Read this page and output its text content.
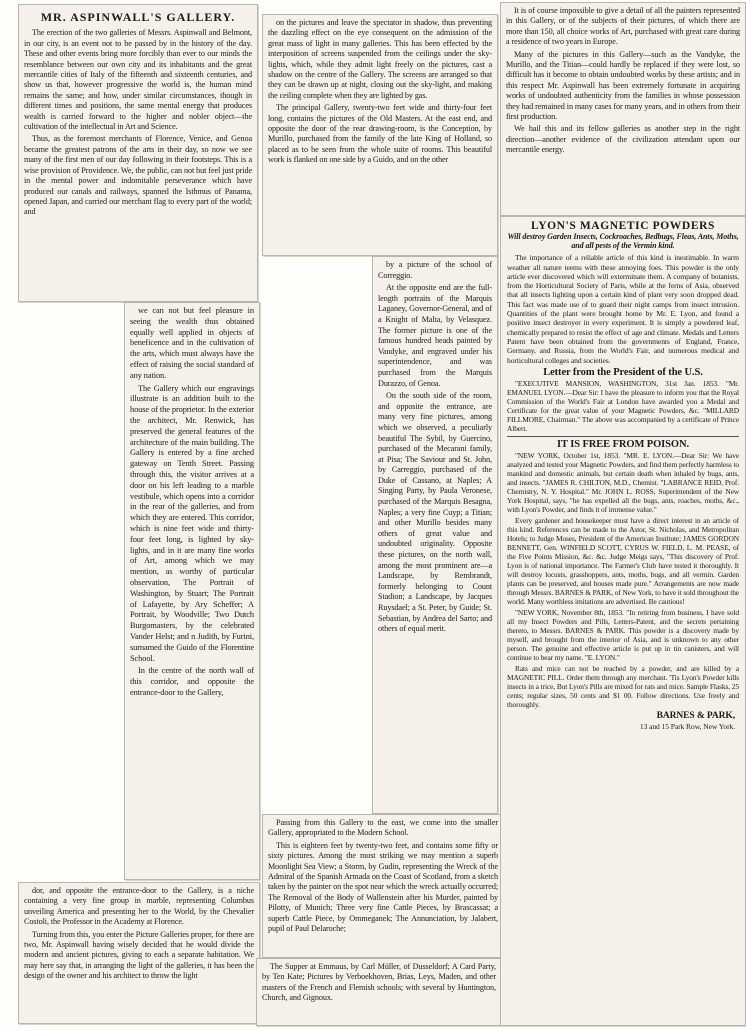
MR. ASPINWALL'S GALLERY.

The erection of the two galleries of Messrs. Aspinwall and Belmont, in our city, is an event not to be passed by in the history of the day. These and other events bring more forcibly than ever to our minds the resemblance between our own city and its inhabitants and the great mercantile cities of Italy of the fifteenth and sixteenth centuries, and show us that, however progressive the world is, the human mind remains the same; and how, under similar circumstances, though in different times and positions, the same mental energy that produces wealth is carried forward to the higher and nobler object—the cultivation of the intellectual in Art and Science.

Thus, as the foremost merchants of Florence, Venice, and Genoa became the greatest patrons of the arts in their day, so now we see many of the first men of our day following in their footsteps. This is a wise provision of Providence. We, the public, can not but feel just pride in the mental power and indomitable perseverance which have produced our canals and railways, spanned the Isthmus of Panama, opened Japan, and carried our merchant flag to every part of the world; and

we can not but feel pleasure in seeing the wealth thus obtained equally well applied in objects of beneficence and in the cultivation of the arts, which must always have the effect of raising the social standard of any nation.

The Gallery which our engravings illustrate is an addition built to the house of the proprietor. In the exterior the architect, Mr. Renwick, has preserved the general features of the architecture of the main building. The Gallery is entered by a fine arched gateway on Tenth Street. Passing through this, the visitor arrives at a door on his left leading to a marble vestibule, which opens into a corridor in the rear of the galleries, and from which they are entered. This corridor, which is nine feet wide and thirty-four feet long, is lighted by sky-lights, and in it are many fine works of Art, among which we may mention, as worthy of particular observation, The Portrait of Washington, by Stuart; The Portrait of Lafayette, by Ary Scheffer; A Portrait, by Woodville; Two Dutch Burgomasters, by the celebrated Vander Helst; and n Judith, by Furini, surnamed the Guido of the Florentine School.

In the centre of the north wall of this corridor, and opposite the entrance-door to the Gallery,

dor, and opposite the entrance-door to the Gallery, is a niche containing a very fine group in marble, representing Columbus unveiling America and presenting her to the World, by the Chevalier Costoli, the Professor in the Academy at Florence.

Turning from this, you enter the Picture Galleries proper, for there are two, Mr. Aspinwall having wisely decided that he would divide the modern and ancient pictures, giving to each a separate habitation. We may here say that, in arranging the light of the galleries, it has been the design of the owner and his architect to throw the light

on the pictures and leave the spectator in shadow, thus preventing the dazzling effect on the eye consequent on the admission of the great mass of light in many galleries. This has been effected by the interposition of screens suspended from the ceilings under the sky-lights, which, while they admit light freely on the pictures, cast a shadow on the centre of the Gallery. The screens are arranged so that they can be drawn up at night, closing out the sky-light, and making the ceiling complete when they are lighted by gas.

The principal Gallery, twenty-two feet wide and thirty-four feet long, contains the pictures of the Old Masters. At the east end, and opposite the door of the rear drawing-room, is the Conception, by Murillo, purchased from the family of the late King of Holland, so placed as to be seen from the whole suite of rooms. This beautiful work is flanked on one side by a Guido, and on the other

by a picture of the school of Correggio.

At the opposite end are the full-length portraits of the Marquis Laganey, Governor-General, and of a Knight of Malta, by Velasquez. The former picture is one of the famous hundred heads painted by Vandyke, and engraved under his superintendence, and was purchased from the Marquis Durazzo, of Genoa.

On the south side of the room, and opposite the entrance, are many very fine pictures, among which we observed, a peculiarly beautiful The Sybil, by Guercino, purchased of the Mecarani family, at Pisa; The Saviour and St. John, by Carreggio, purchased of the Duke of Cassano, at Naples; A Singing Party, by Paula Veronese, purchased of the Marquis Besagna, Naples; a very fine Cuyp; a Titian; and other Murillo besides many others of great value and undoubted originality. Opposite these pictures, on the north wall, among the most prominent are—a Landscape, by Rembrandt, formerly belonging to Count Stadion; a Landscape, by Jacques Ruysdael; a St. Peter, by Guide; St. Sebastian, by Andrea del Sarto; and others of equal merit.

Passing from this Gallery to the east, we come into the smaller Gallery, appropriated to the Modern School.

This is eighteen feet by twenty-two feet, and contains some fifty or sixty pictures. Among the most striking we may mention a superb Moonlight Sea View; a Storm, by Gudin, representing the Wreck of the Admiral of the Spanish Armada on the Coast of Scotland, from a sketch taken by the painter on the spot near which the wreck actually occurred; The Removal of the Body of Wallenstein after his Murder, painted by Pilotty, of Munich; Three very fine Cattle Pieces, by Brascassat; a superb Cattle Piece, by Ommeganek; The Annunciation, by Jalabert, pupil of Paul Delaroche;

The Supper at Emmaus, by Carl Müller, of Dusseldorf; A Card Party, by Ten Kate; Pictures by Verboekhoven, Brias, Leys, Maden, and other masters of the French and Flemish schools; with several by Huntington, Church, and Gignoux.

It is of course impossible to give a detail of all the painters represented in this Gallery, or of the subjects of their pictures, of which there are more than 150, all choice works of Art, purchased with great care during a residence of two years in Europe.

Many of the pictures in this Gallery—such as the Vandyke, the Murillo, and the Titian—could hardly be replaced if they were lost, so difficult has it become to obtain undoubted works by these artists; and in this respect Mr. Aspinwall has been extremely fortunate in acquiring works of undoubted authenticity from the families in whose possession they had remained in many cases for many years, and in others from their first production.

We hail this and its fellow galleries as another step in the right direction—another evidence of the civilization attendant upon our mercantile energy.

LYON'S MAGNETIC POWDERS
Will destroy Garden Insects, Cockroaches, Bedbugs, Fleas, Ants, Moths, and all pests of the Vermin kind.

The importance of a reliable article of this kind is inestimable. In warm weather all nature teems with these annoying foes. This powder is the only article ever discovered which will exterminate them. A company of botanists, from the Horticultural Society of Paris, while at the ferns of Asia, observed that all insects lighting upon a certain kind of plant very soon dropped dead. This fact was made use of to guard their night camps from insect intrusion. Quantities of the plant were brought home by Mr. E. Lyon, and found a positive insect destroyer in every experiment. It is simply a powdered leaf, chemically prepared to resist the effect of age and climate. Medals and Letters Patent have been obtained from the governments of England, France, Germany, and Russia, from the World's Fair, and numerous medical and horticultural colleges and societies.

Letter from the President of the U.S.

"EXECUTIVE MANSION, WASHINGTON, 31st Jan. 1853. "Mr. EMANUEL LYON.—Dear Sir: I have the pleasure to inform you that the Royal Commission of the World's Fair at London have awarded you a Medal and Certificate for the great value of your Magnetic Powders, &c. "MILLARD FILLMORE, Chairman." The above was accompanied by a certificate of Prince Albert.

IT IS FREE FROM POISON.

"NEW YORK, October 1st, 1853. "MR. E. LYON.—Dear Sir: We have analyzed and tested your Magnetic Powders, and find them perfectly harmless to mankind and domestic animals, but certain death when inhaled by bugs, ants, and insects. "JAMES R. CHILTON, M.D., Chemist. "LABRANCE REID, Prof. Chemistry, N. Y. Hospital." Mr. JOHN L. ROSS, Superintendent of the New York Hospital, says, "he has expelled all the bugs, ants, roaches, moths, &c., with Lyon's Powder, and finds it of immense value."

Every gardener and housekeeper must have a direct interest in an article of this kind. References can be made to the Astor, St. Nicholas, and Metropolitan Hotels; to Judge Moses, President of the American Institute; JAMES GORDON BENNETT, Gen. WINFIELD SCOTT, CYRUS W. FIELD, L. M. PEASE, of the Five Points Mission, &c. &c. Judge Meigs says, "This discovery of Prof. Lyon is of national importance. The Farmer's Club have tested it thoroughly. It will destroy locusts, grasshoppers, ants, moths, bugs, and all vermin. Garden plants can be preserved, and houses made pure." Arrangements are now made through Messrs. BARNES & PARK, of New York, to have it sold throughout the world. Many worthless imitations are advertised. Be cautious!

"NEW YORK, November 8th, 1853. "In retiring from business, I have sold all my Insect Powders and Pills, Letters-Patent, and the secrets pertaining thereto, to Messrs. BARNES & PARK. This powder is a discovery made by myself, and brought from the interior of Asia, and is unknown to any other person. The genuine and effective article is put up in tin canisters, and will continue to bear my name. "E. LYON."

Rats and mice can not be reached by a powder, and are killed by a MAGNETIC PILL. Order them through any merchant. 'Tis Lyon's Powder kills insects in a trice, But Lyon's Pills are mixed for rats and mice. Sample Flasks, 25 cents; regular sizes, 50 cents and $1 00. Follow directions. Use freely and thoroughly.

BARNES & PARK,
13 and 15 Park Row, New York.
